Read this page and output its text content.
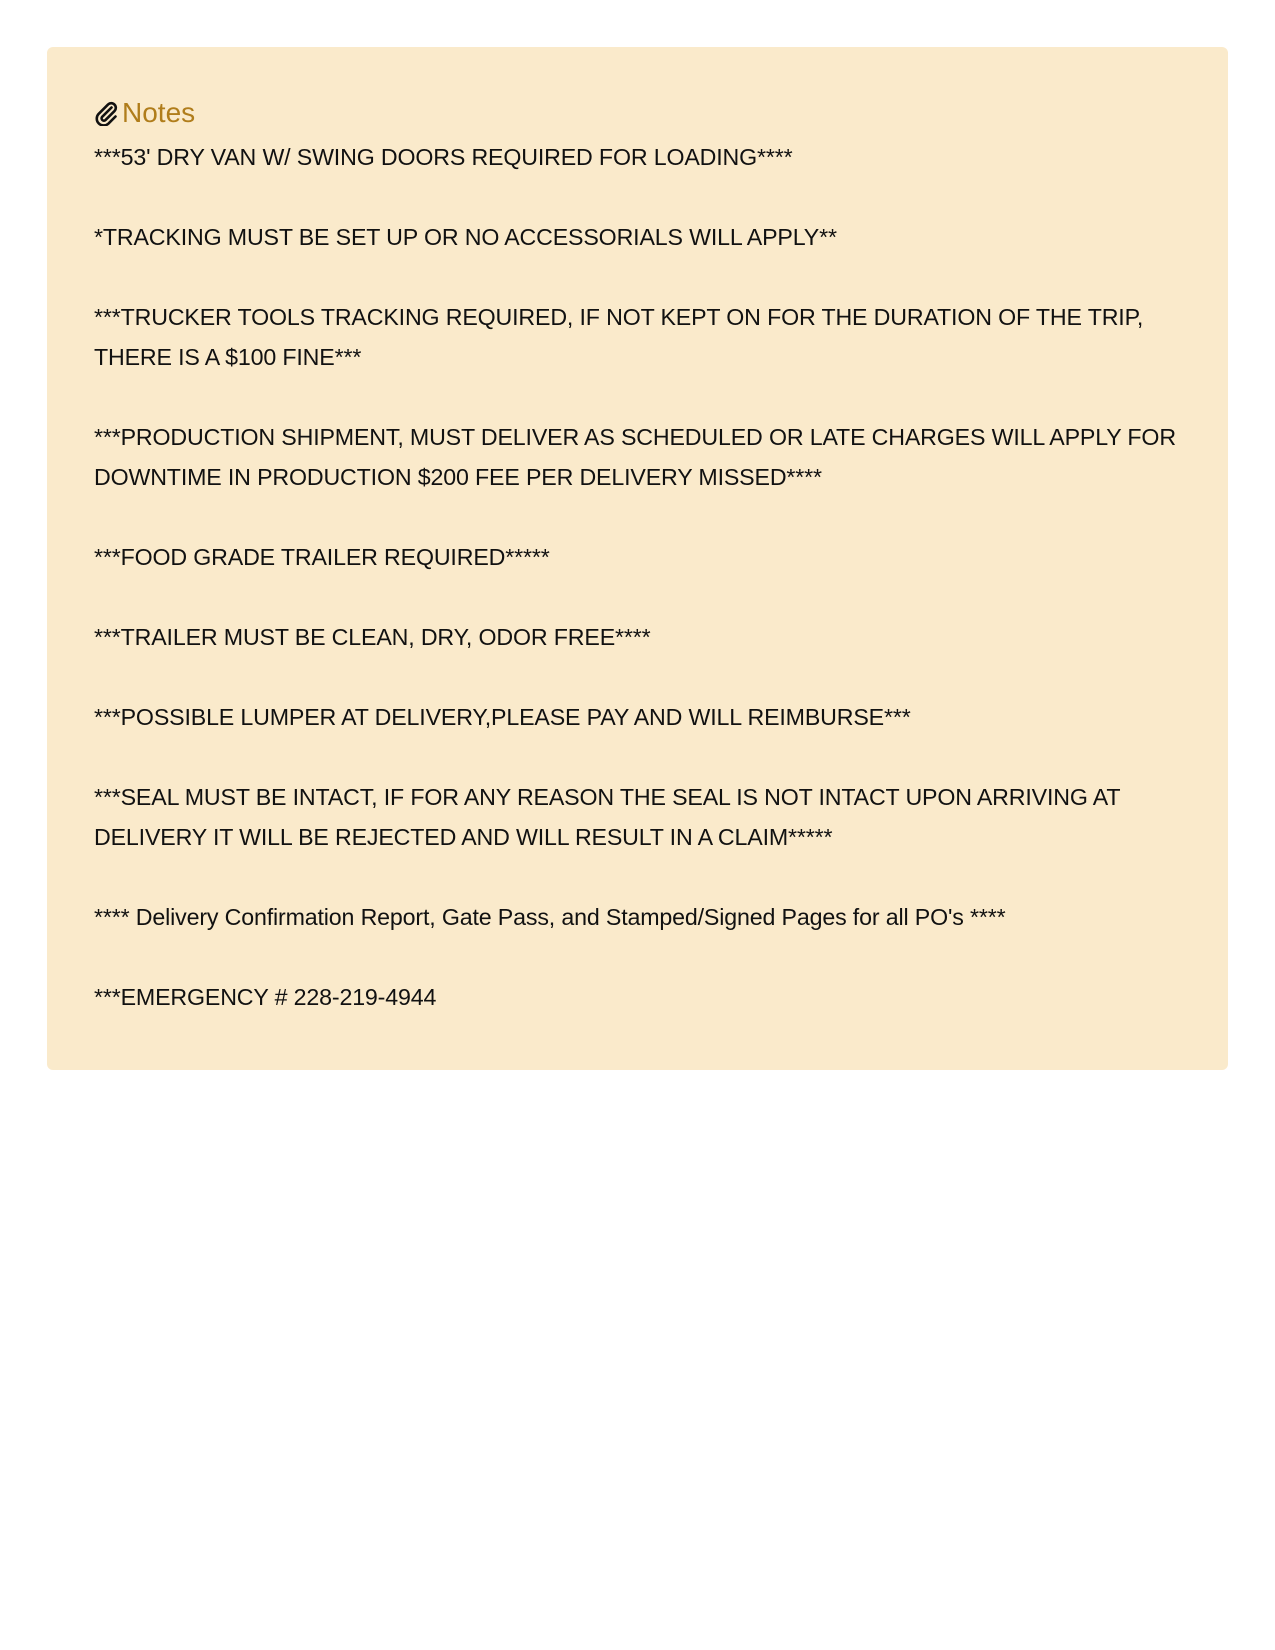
Notes
***53' DRY VAN W/ SWING DOORS REQUIRED FOR LOADING****
*TRACKING MUST BE SET UP OR NO ACCESSORIALS WILL APPLY**
***TRUCKER TOOLS TRACKING REQUIRED, IF NOT KEPT ON FOR THE DURATION OF THE TRIP, THERE IS A $100 FINE***
***PRODUCTION SHIPMENT, MUST DELIVER AS SCHEDULED OR LATE CHARGES WILL APPLY FOR DOWNTIME IN PRODUCTION $200 FEE PER DELIVERY MISSED****
***FOOD GRADE TRAILER REQUIRED*****
***TRAILER MUST BE CLEAN, DRY, ODOR FREE****
***POSSIBLE LUMPER AT DELIVERY,PLEASE PAY AND WILL REIMBURSE***
***SEAL MUST BE INTACT, IF FOR ANY REASON THE SEAL IS NOT INTACT UPON ARRIVING AT DELIVERY IT WILL BE REJECTED AND WILL RESULT IN A CLAIM*****
**** Delivery Confirmation Report, Gate Pass, and Stamped/Signed Pages for all PO's ****
***EMERGENCY # 228-219-4944
